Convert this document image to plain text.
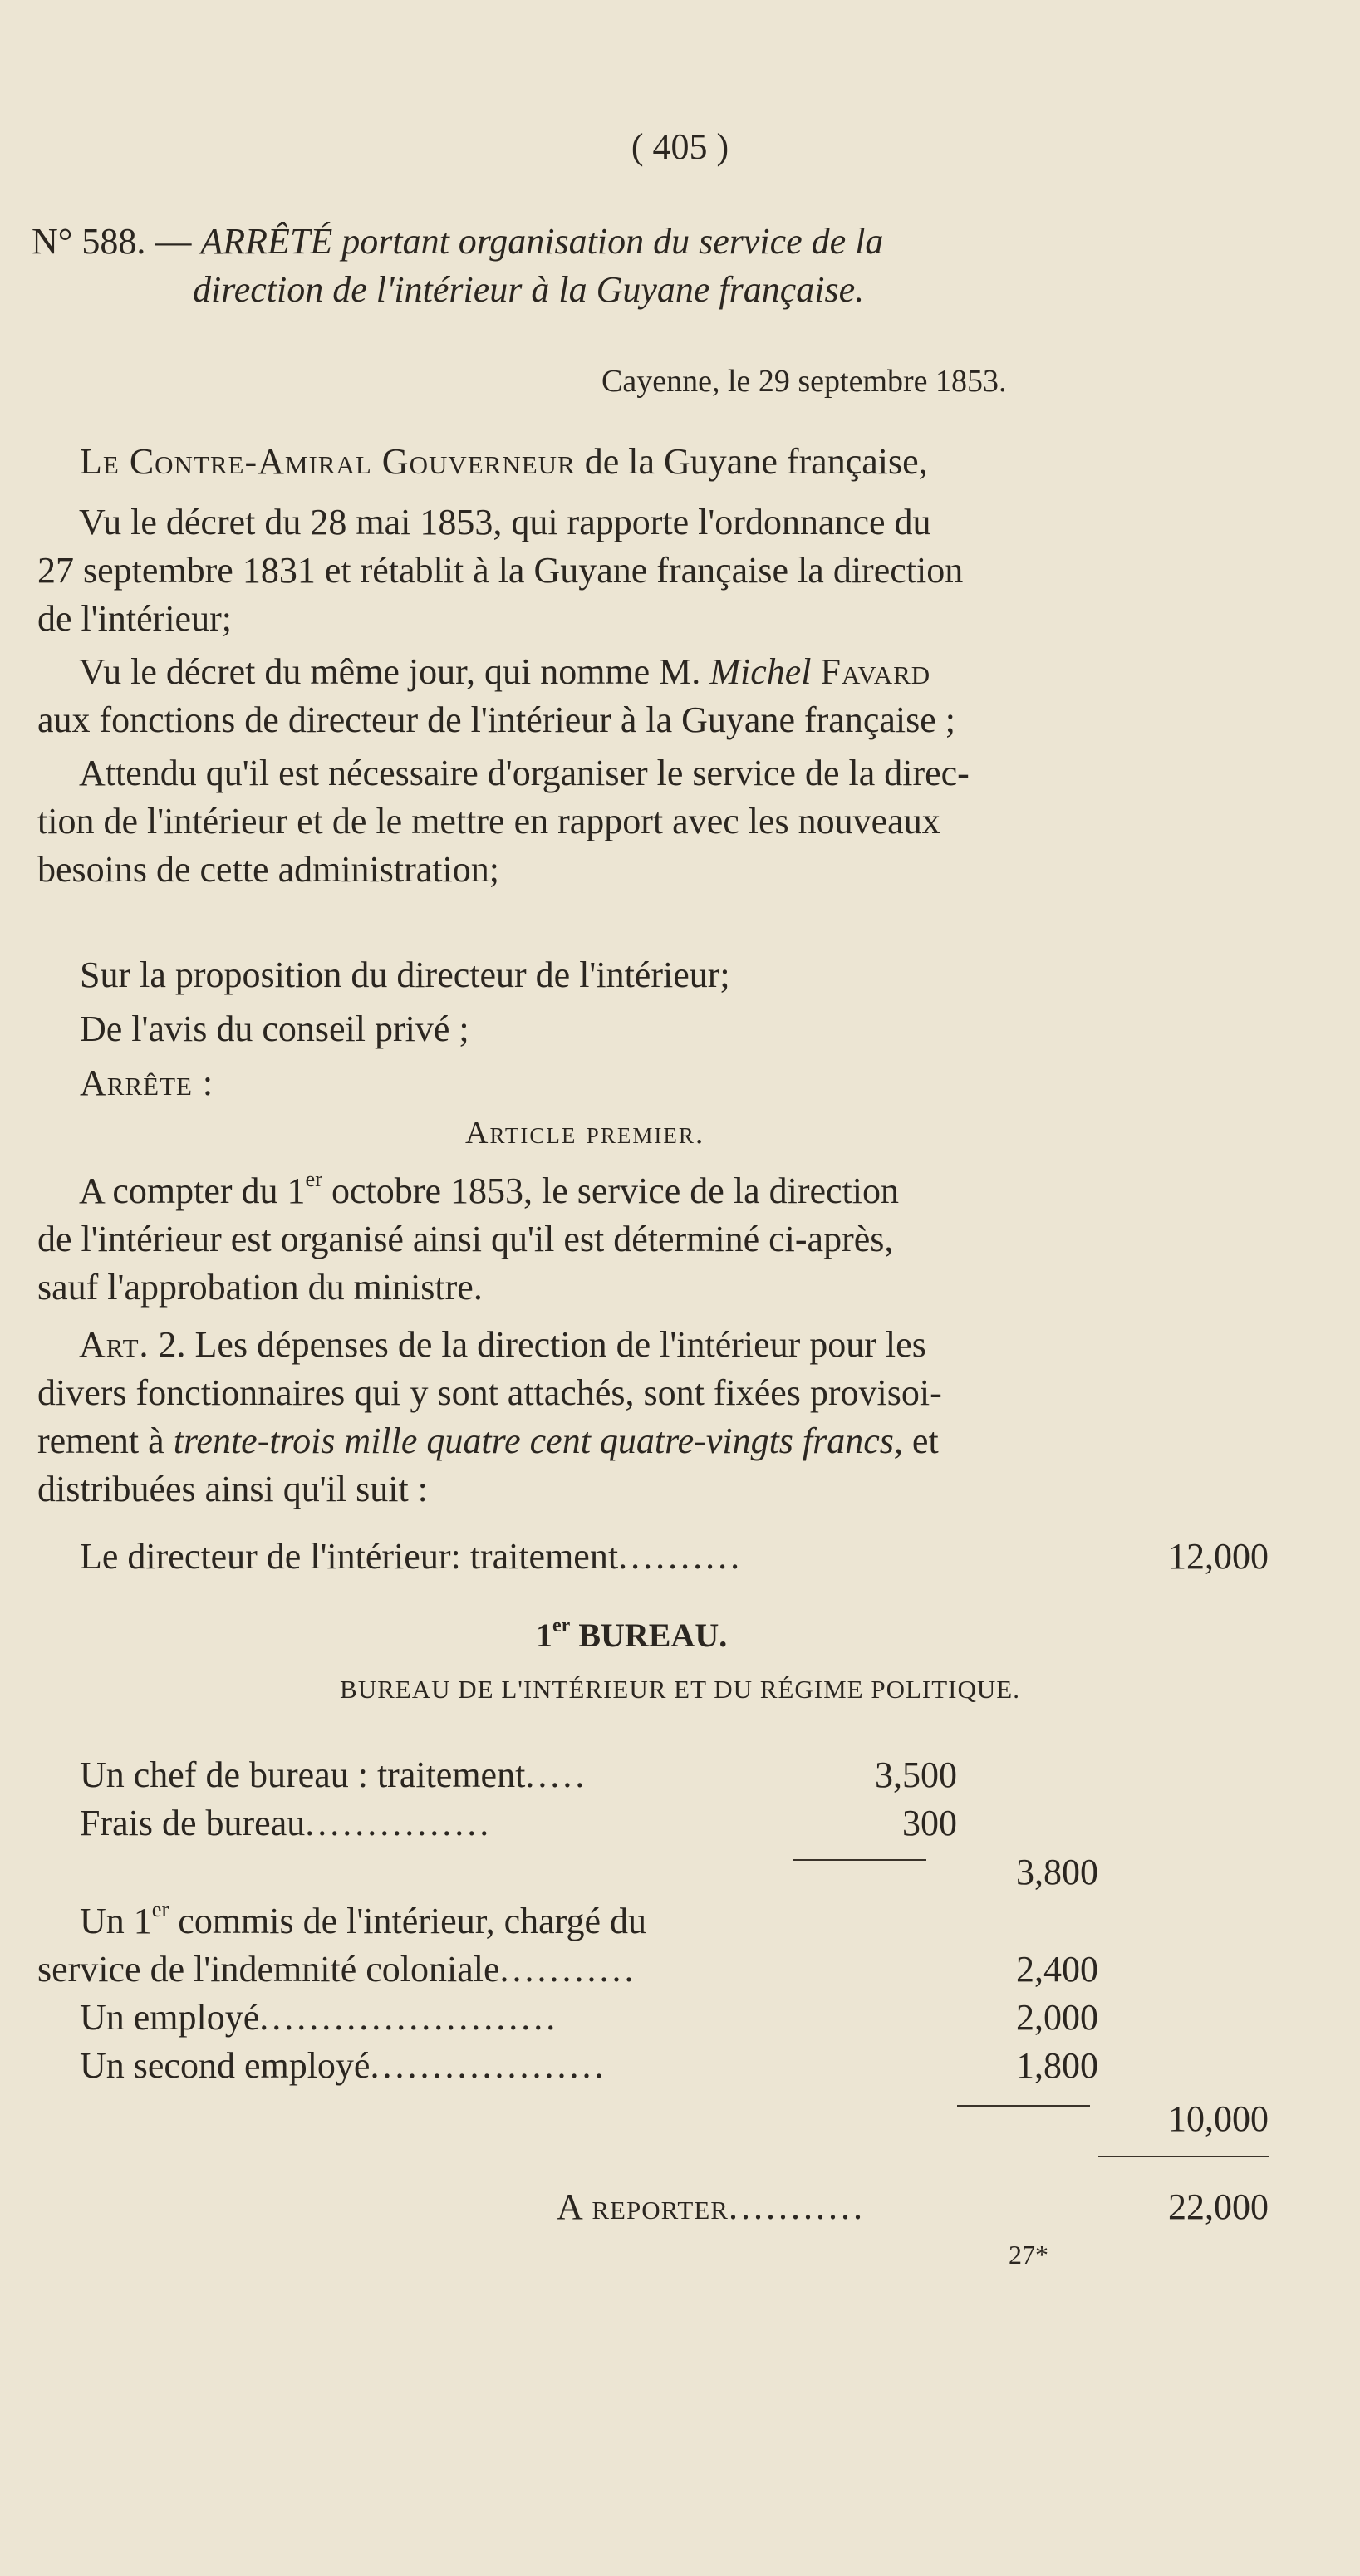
( 405 )
N° 588. — ARRÊTÉ portant organisation du service de la
direction de l'intérieur à la Guyane française.
Cayenne, le 29 septembre 1853.
Le Contre-Amiral Gouverneur de la Guyane française,
Vu le décret du 28 mai 1853, qui rapporte l'ordonnance du
27 septembre 1831 et rétablit à la Guyane française la direction
de l'intérieur;
Vu le décret du même jour, qui nomme M. Michel Favard
aux fonctions de directeur de l'intérieur à la Guyane française ;
Attendu qu'il est nécessaire d'organiser le service de la direc-
tion de l'intérieur et de le mettre en rapport avec les nouveaux
besoins de cette administration;
Sur la proposition du directeur de l'intérieur;
De l'avis du conseil privé ;
Arrête :
Article premier.
A compter du 1er octobre 1853, le service de la direction
de l'intérieur est organisé ainsi qu'il est déterminé ci-après,
sauf l'approbation du ministre.
Art. 2. Les dépenses de la direction de l'intérieur pour les
divers fonctionnaires qui y sont attachés, sont fixées provisoi-
rement à trente-trois mille quatre cent quatre-vingts francs, et
distribuées ainsi qu'il suit :
Le directeur de l'intérieur: traitement..........	12,000
1er BUREAU.
BUREAU DE L'INTÉRIEUR ET DU RÉGIME POLITIQUE.
Un chef de bureau : traitement.....	3,500
Frais de bureau...............	300
3,800
Un 1er commis de l'intérieur, chargé du
service de l'indemnité coloniale...........	2,400
Un employé........................	2,000
Un second employé...................	1,800
10,000
A reporter...........	22,000
27*
